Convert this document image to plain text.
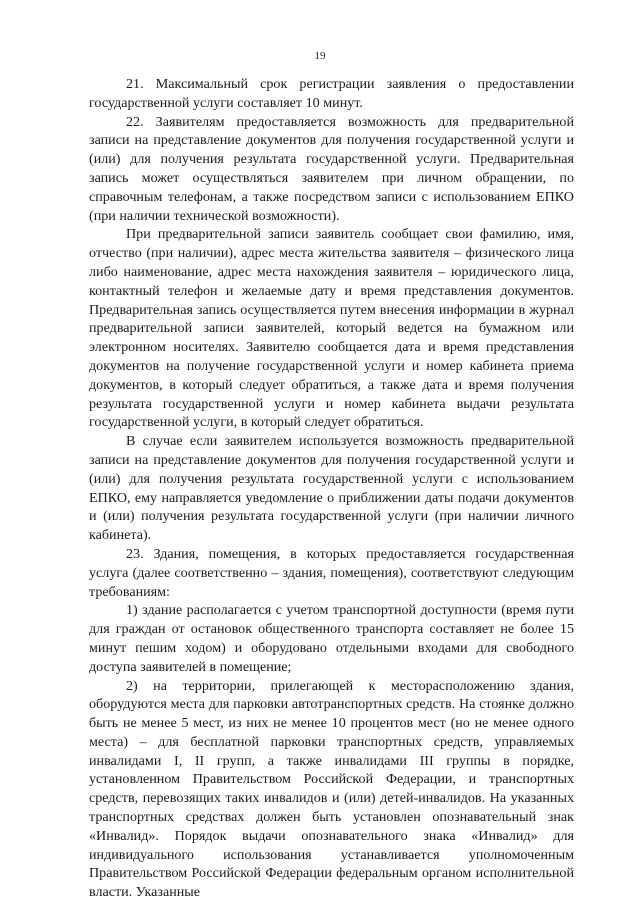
19

21. Максимальный срок регистрации заявления о предоставлении государственной услуги составляет 10 минут.

22. Заявителям предоставляется возможность для предварительной записи на представление документов для получения государственной услуги и (или) для получения результата государственной услуги. Предварительная запись может осуществляться заявителем при личном обращении, по справочным телефонам, а также посредством записи с использованием ЕПКО (при наличии технической возможности).

При предварительной записи заявитель сообщает свои фамилию, имя, отчество (при наличии), адрес места жительства заявителя – физического лица либо наименование, адрес места нахождения заявителя – юридического лица, контактный телефон и желаемые дату и время представления документов. Предварительная запись осуществляется путем внесения информации в журнал предварительной записи заявителей, который ведется на бумажном или электронном носителях. Заявителю сообщается дата и время представления документов на получение государственной услуги и номер кабинета приема документов, в который следует обратиться, а также дата и время получения результата государственной услуги и номер кабинета выдачи результата государственной услуги, в который следует обратиться.

В случае если заявителем используется возможность предварительной записи на представление документов для получения государственной услуги и (или) для получения результата государственной услуги с использованием ЕПКО, ему направляется уведомление о приближении даты подачи документов и (или) получения результата государственной услуги (при наличии личного кабинета).

23. Здания, помещения, в которых предоставляется государственная услуга (далее соответственно – здания, помещения), соответствуют следующим требованиям:

1) здание располагается с учетом транспортной доступности (время пути для граждан от остановок общественного транспорта составляет не более 15 минут пешим ходом) и оборудовано отдельными входами для свободного доступа заявителей в помещение;

2) на территории, прилегающей к месторасположению здания, оборудуются места для парковки автотранспортных средств. На стоянке должно быть не менее 5 мест, из них не менее 10 процентов мест (но не менее одного места) – для бесплатной парковки транспортных средств, управляемых инвалидами I, II групп, а также инвалидами III группы в порядке, установленном Правительством Российской Федерации, и транспортных средств, перевозящих таких инвалидов и (или) детей-инвалидов. На указанных транспортных средствах должен быть установлен опознавательный знак «Инвалид». Порядок выдачи опознавательного знака «Инвалид» для индивидуального использования устанавливается уполномоченным Правительством Российской Федерации федеральным органом исполнительной власти. Указанные
